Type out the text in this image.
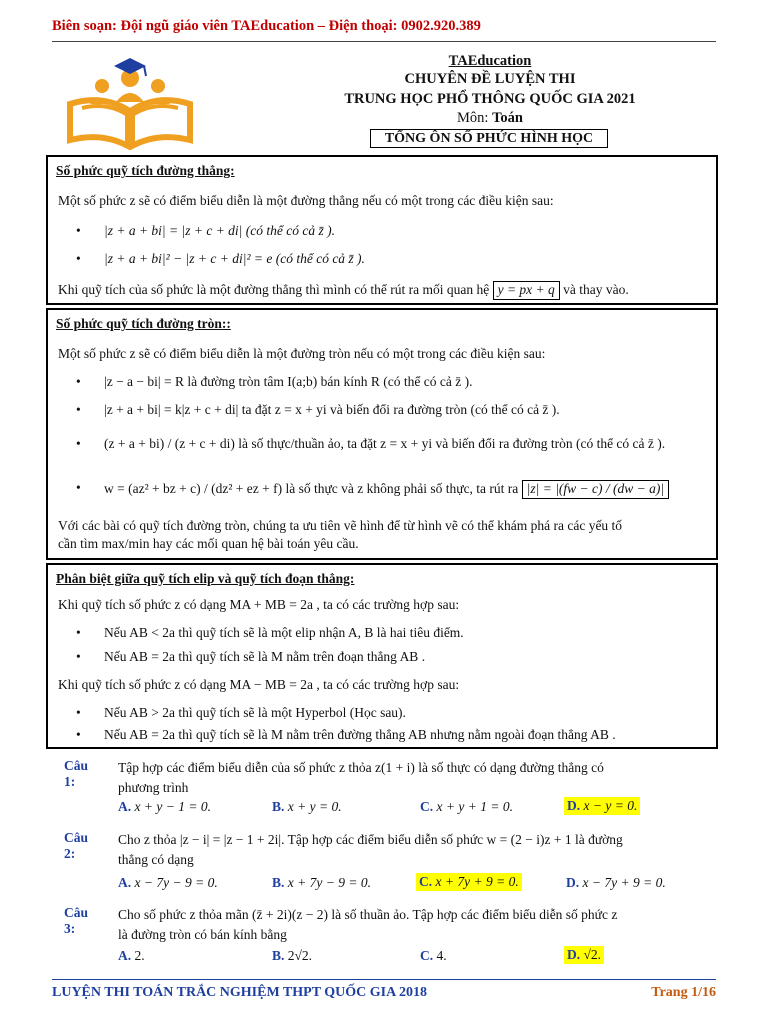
Biên soạn: Đội ngũ giáo viên TAEducation – Điện thoại: 0902.920.389
TAEducation
CHUYÊN ĐỀ LUYỆN THI
TRUNG HỌC PHỔ THÔNG QUỐC GIA 2021
Môn: Toán
TỔNG ÔN SỐ PHỨC HÌNH HỌC
Số phức quỹ tích đường thẳng:
Một số phức z sẽ có điểm biểu diễn là một đường thẳng nếu có một trong các điều kiện sau:
• |z + a + bi| = |z + c + di| (có thể có cả z̄ ).
• |z + a + bi|² − |z + c + di|² = e (có thể có cả z̄ ).
Khi quỹ tích của số phức là một đường thẳng thì mình có thể rút ra mối quan hệ y = px + q và thay vào.
Số phức quỹ tích đường tròn::
Một số phức z sẽ có điểm biểu diễn là một đường tròn nếu có một trong các điều kiện sau:
• |z − a − bi| = R là đường tròn tâm I(a;b) bán kính R (có thể có cả z̄ ).
• |z + a + bi| = k|z + c + di| ta đặt z = x + yi và biến đổi ra đường tròn (có thể có cả z̄ ).
• (z + a + bi) / (z + c + di) là số thực/thuần ảo, ta đặt z = x + yi và biến đổi ra đường tròn (có thể có cả z̄ ).
• w = (az² + bz + c) / (dz² + ez + f) là số thực và z không phải số thực, ta rút ra |z| = |(fw − c) / (dw − a)|
Với các bài có quỹ tích đường tròn, chúng ta ưu tiên vẽ hình để từ hình vẽ có thể khám phá ra các yếu tố
cần tìm max/min hay các mối quan hệ bài toán yêu cầu.
Phân biệt giữa quỹ tích elip và quỹ tích đoạn thẳng:
Khi quỹ tích số phức z có dạng MA + MB = 2a , ta có các trường hợp sau:
• Nếu AB < 2a thì quỹ tích sẽ là một elip nhận A, B là hai tiêu điểm.
• Nếu AB = 2a thì quỹ tích sẽ là M nằm trên đoạn thẳng AB .
Khi quỹ tích số phức z có dạng MA − MB = 2a , ta có các trường hợp sau:
• Nếu AB > 2a thì quỹ tích sẽ là một Hyperbol (Học sau).
• Nếu AB = 2a thì quỹ tích sẽ là M nằm trên đường thẳng AB nhưng nằm ngoài đoạn thẳng AB .
Câu 1:
Tập hợp các điểm biểu diễn của số phức z thỏa z(1 + i) là số thực có dạng đường thẳng có
phương trình
A. x + y − 1 = 0.	B. x + y = 0.	C. x + y + 1 = 0.	D. x − y = 0.
Câu 2:
Cho z thỏa |z − i| = |z − 1 + 2i|. Tập hợp các điểm biểu diễn số phức w = (2 − i)z + 1 là đường
thẳng có dạng
A. x − 7y − 9 = 0.	B. x + 7y − 9 = 0.	C. x + 7y + 9 = 0.	D. x − 7y + 9 = 0.
Câu 3:
Cho số phức z thỏa mãn (z̄ + 2i)(z − 2) là số thuần ảo. Tập hợp các điểm biểu diễn số phức z
là đường tròn có bán kính bằng
A. 2.	B. 2√2.	C. 4.	D. √2.
LUYỆN THI TOÁN TRẮC NGHIỆM THPT QUỐC GIA 2018	Trang 1/16
